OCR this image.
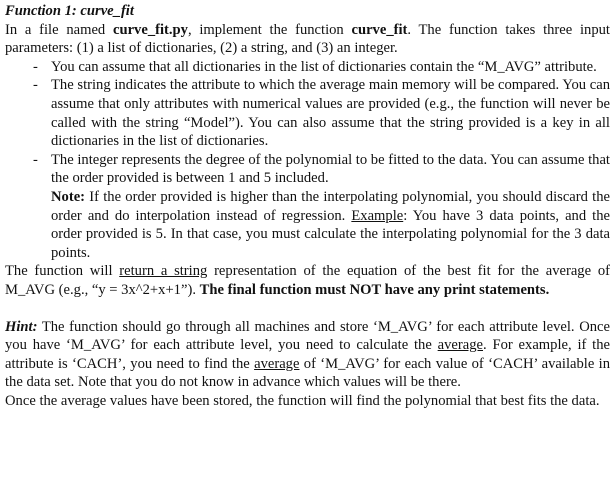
Function 1: curve_fit

In a file named curve_fit.py, implement the function curve_fit. The function takes three input parameters: (1) a list of dictionaries, (2) a string, and (3) an integer.

- You can assume that all dictionaries in the list of dictionaries contain the “M_AVG” attribute.
- The string indicates the attribute to which the average main memory will be compared. You can assume that only attributes with numerical values are provided (e.g., the function will never be called with the string “Model”). You can also assume that the string provided is a key in all dictionaries in the list of dictionaries.
- The integer represents the degree of the polynomial to be fitted to the data. You can assume that the order provided is between 1 and 5 included.
Note: If the order provided is higher than the interpolating polynomial, you should discard the order and do interpolation instead of regression. Example: You have 3 data points, and the order provided is 5. In that case, you must calculate the interpolating polynomial for the 3 data points.

The function will return a string representation of the equation of the best fit for the average of M_AVG (e.g., “y = 3x^2+x+1”). The final function must NOT have any print statements.

Hint: The function should go through all machines and store ‘M_AVG’ for each attribute level. Once you have ‘M_AVG’ for each attribute level, you need to calculate the average. For example, if the attribute is ‘CACH’, you need to find the average of ‘M_AVG’ for each value of ‘CACH’ available in the data set. Note that you do not know in advance which values will be there.

Once the average values have been stored, the function will find the polynomial that best fits the data.
